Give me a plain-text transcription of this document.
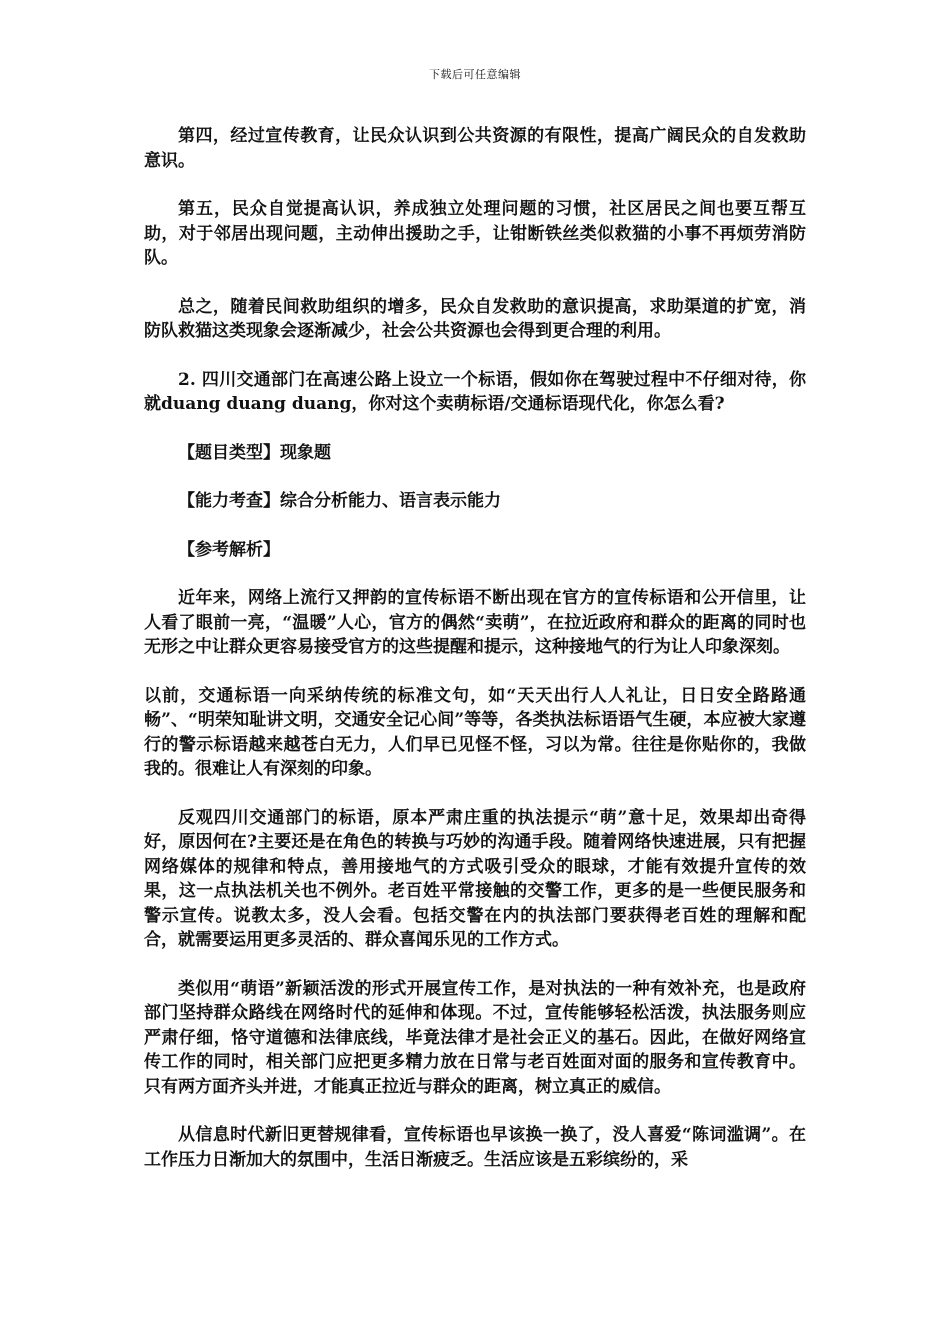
下载后可任意编辑

第四，经过宣传教育，让民众认识到公共资源的有限性，提高广阔民众的自发救助意识。

第五，民众自觉提高认识，养成独立处理问题的习惯，社区居民之间也要互帮互助，对于邻居出现问题，主动伸出援助之手，让钳断铁丝类似救猫的小事不再烦劳消防队。

总之，随着民间救助组织的增多，民众自发救助的意识提高，求助渠道的扩宽，消防队救猫这类现象会逐渐减少，社会公共资源也会得到更合理的利用。

2. 四川交通部门在高速公路上设立一个标语，假如你在驾驶过程中不仔细对待，你就duang duang duang，你对这个卖萌标语/交通标语现代化，你怎么看?

【题目类型】现象题

【能力考查】综合分析能力、语言表示能力

【参考解析】

近年来，网络上流行又押韵的宣传标语不断出现在官方的宣传标语和公开信里，让人看了眼前一亮，“温暖”人心，官方的偶然“卖萌”，在拉近政府和群众的距离的同时也无形之中让群众更容易接受官方的这些提醒和提示，这种接地气的行为让人印象深刻。

以前，交通标语一向采纳传统的标准文句，如“天天出行人人礼让，日日安全路路通畅”、“明荣知耻讲文明，交通安全记心间”等等，各类执法标语语气生硬，本应被大家遵行的警示标语越来越苍白无力，人们早已见怪不怪，习以为常。往往是你贴你的，我做我的。很难让人有深刻的印象。

反观四川交通部门的标语，原本严肃庄重的执法提示“萌”意十足，效果却出奇得好，原因何在?主要还是在角色的转换与巧妙的沟通手段。随着网络快速进展，只有把握网络媒体的规律和特点，善用接地气的方式吸引受众的眼球，才能有效提升宣传的效果，这一点执法机关也不例外。老百姓平常接触的交警工作，更多的是一些便民服务和警示宣传。说教太多，没人会看。包括交警在内的执法部门要获得老百姓的理解和配合，就需要运用更多灵活的、群众喜闻乐见的工作方式。

类似用“萌语”新颖活泼的形式开展宣传工作，是对执法的一种有效补充，也是政府部门坚持群众路线在网络时代的延伸和体现。不过，宣传能够轻松活泼，执法服务则应严肃仔细，恪守道德和法律底线，毕竟法律才是社会正义的基石。因此，在做好网络宣传工作的同时，相关部门应把更多精力放在日常与老百姓面对面的服务和宣传教育中。只有两方面齐头并进，才能真正拉近与群众的距离，树立真正的威信。

从信息时代新旧更替规律看，宣传标语也早该换一换了，没人喜爱“陈词滥调”。在工作压力日渐加大的氛围中，生活日渐疲乏。生活应该是五彩缤纷的，采
